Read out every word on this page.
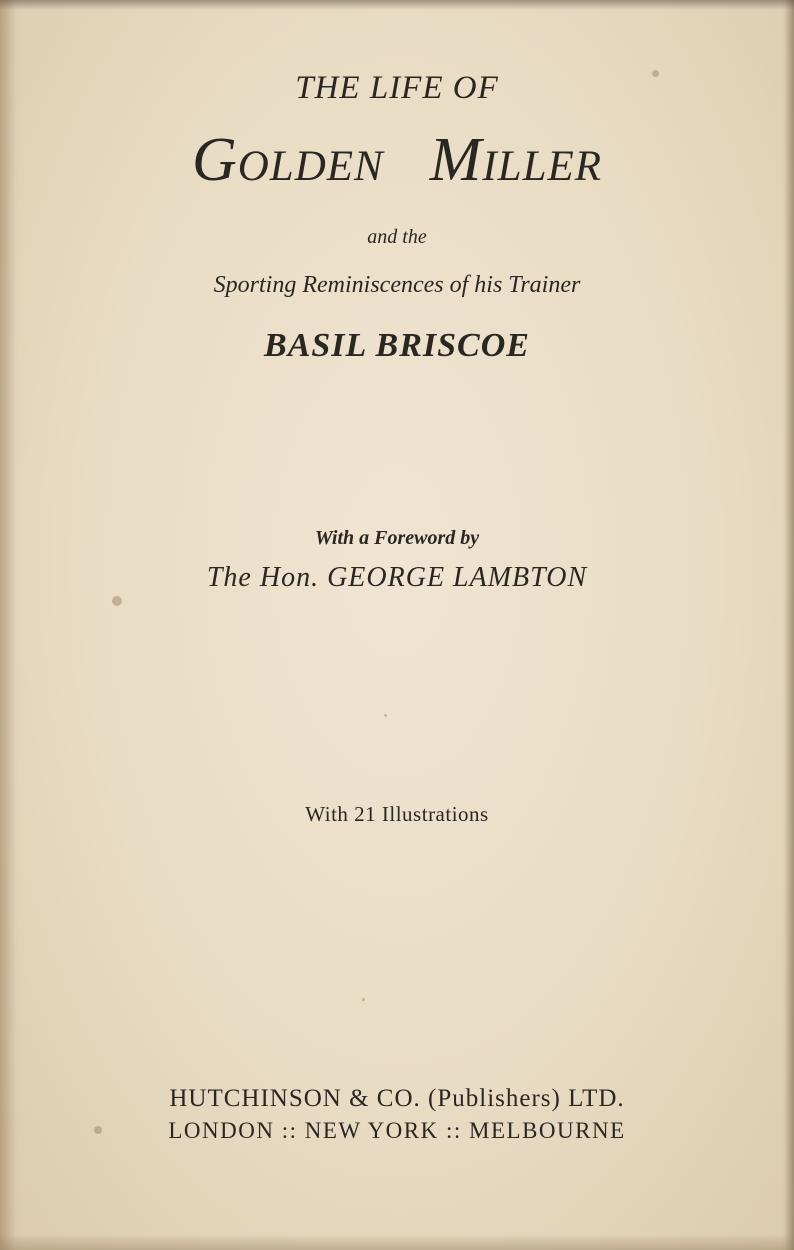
THE LIFE OF
Golden Miller
and the
Sporting Reminiscences of his Trainer
BASIL BRISCOE
With a Foreword by
The Hon. GEORGE LAMBTON
With 21 Illustrations
HUTCHINSON & CO. (Publishers) LTD.
LONDON :: NEW YORK :: MELBOURNE
